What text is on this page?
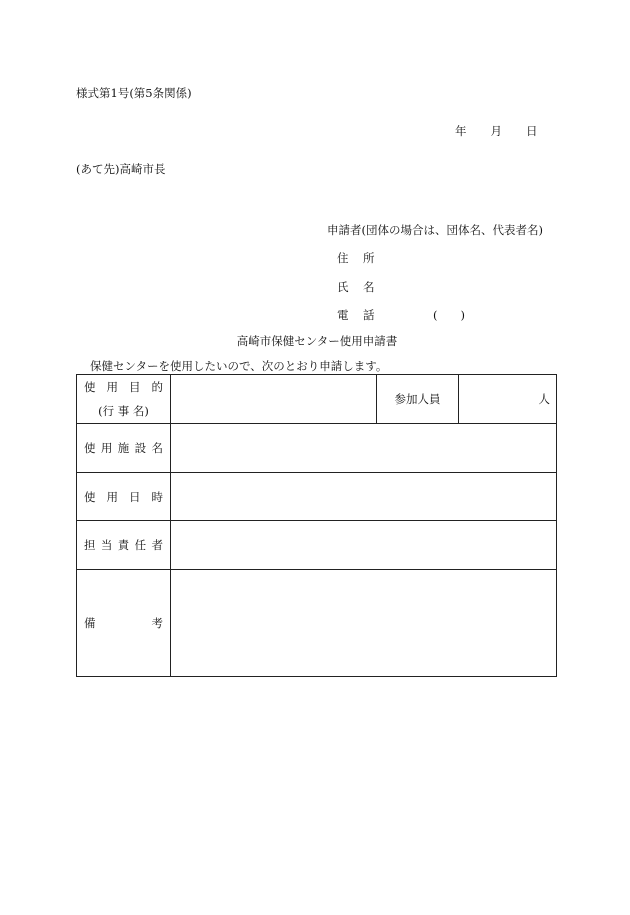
様式第1号(第5条関係)
年 月 日
(あて先)高崎市長
申請者(団体の場合は、団体名、代表者名)
住 所
氏 名
電 話	(　　)
高崎市保健センター使用申請書
保健センターを使用したいので、次のとおり申請します。
使 用 目 的
(行 事 名)		参加人員	人

使 用 施 設 名			

使 用 日 時			

担 当 責 任 者			

備 考			
